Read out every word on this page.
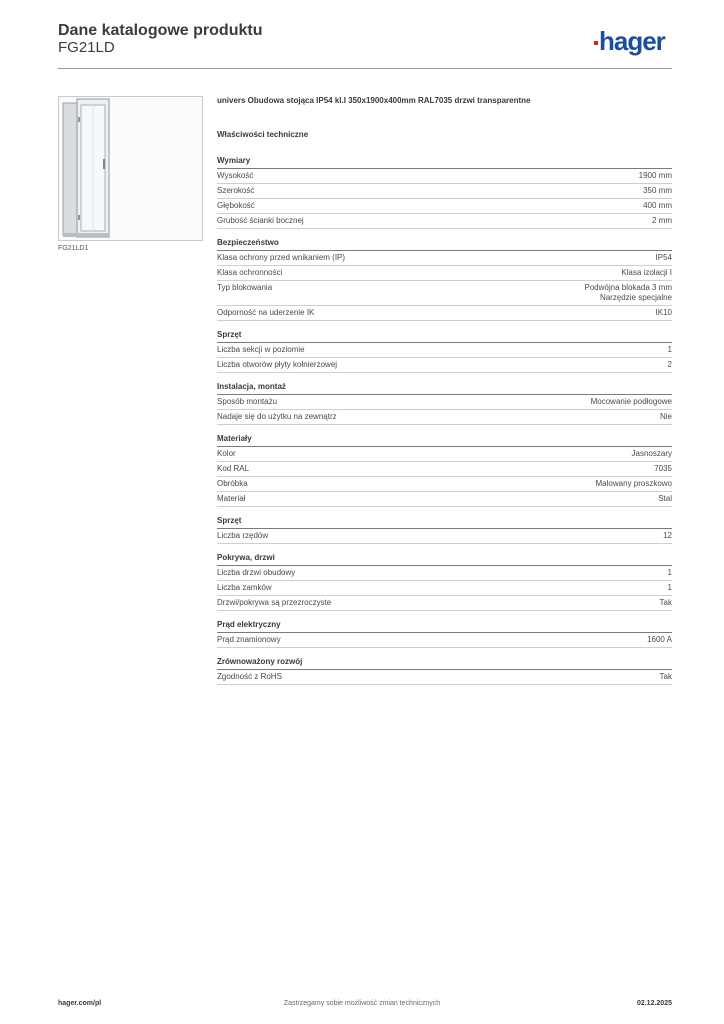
Dane katalogowe produktu
FG21LD	hager
FG21LD1
univers Obudowa stojąca IP54 kl.I 350x1900x400mm RAL7035 drzwi transparentne
Właściwości techniczne
Wymiary
Wysokość	1900 mm
Szerokość	350 mm
Głębokość	400 mm
Grubość ścianki bocznej	2 mm
Bezpieczeństwo
Klasa ochrony przed wnikaniem (IP)	IP54
Klasa ochronności	Klasa izolacji I
Typ blokowania	Podwójna blokada 3 mm
Narzędzie specjalne
Odporność na uderzenie IK	IK10
Sprzęt
Liczba sekcji w poziomie	1
Liczba otworów płyty kołnierzowej	2
Instalacja, montaż
Sposób montażu	Mocowanie podłogowe
Nadaje się do użytku na zewnątrz	Nie
Materiały
Kolor	Jasnoszary
Kod RAL	7035
Obróbka	Malowany proszkowo
Materiał	Stal
Sprzęt
Liczba rzędów	12
Pokrywa, drzwi
Liczba drzwi obudowy	1
Liczba zamków	1
Drzwi/pokrywa są przezroczyste	Tak
Prąd elektryczny
Prąd znamionowy	1600 A
Zrównoważony rozwój
Zgodność z RoHS	Tak
hager.com/pl	Zastrzegamy sobie możliwość zmian technicznych	02.12.2025
